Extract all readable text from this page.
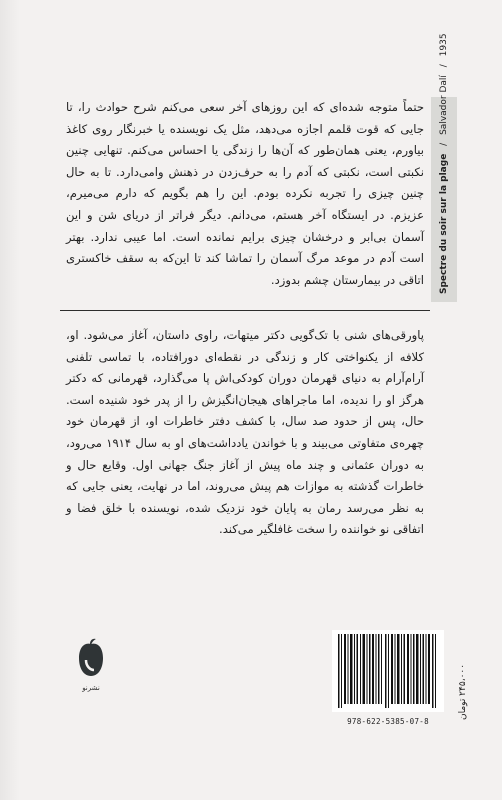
حتماً متوجه شده‌ای که این روزهای آخر سعی می‌کنم شرح حوادث را، تا جایی که قوت قلمم اجازه می‌دهد، مثل یک نویسنده یا خبرنگار روی کاغذ بیاورم، یعنی همان‌طور که آن‌ها را زندگی یا احساس می‌کنم. تنهایی چنین نکبتی است، نکبتی که آدم را به حرف‌زدن در ذهنش وامی‌دارد. تا به حال چنین چیزی را تجربه نکرده بودم. این را هم بگویم که دارم می‌میرم، عزیزم. در ایستگاه آخر هستم، می‌دانم. دیگر فراتر از دریای شن و این آسمان بی‌ابر و درخشان چیزی برایم نمانده است. اما عیبی ندارد. بهتر است آدم در موعد مرگ آسمان را تماشا کند تا این‌که به سقف خاکستری اتاقی در بیمارستان چشم بدوزد.

پاورقی‌های شنی با تک‌گویی دکتر میتهات، راوی داستان، آغاز می‌شود. او، کلافه از یکنواختی کار و زندگی در نقطه‌ای دورافتاده، با تماسی تلفنی آرام‌آرام به دنیای قهرمان دوران کودکی‌اش پا می‌گذارد، قهرمانی که دکتر هرگز او را ندیده، اما ماجراهای هیجان‌انگیزش را از پدر خود شنیده است. حال، پس از حدود صد سال، با کشف دفتر خاطرات او، از قهرمان خود چهره‌ی متفاوتی می‌بیند و با خواندن یادداشت‌های او به سال ۱۹۱۴ می‌رود، به دوران عثمانی و چند ماه پیش از آغاز جنگ جهانی اول. وقایع حال و خاطرات گذشته به موازات هم پیش می‌روند، اما در نهایت، یعنی جایی که به نظر می‌رسد رمان به پایان خود نزدیک شده، نویسنده با خلق فضا و اتفاقی نو خواننده را سخت غافلگیر می‌کند.

Spectre du soir sur la plage / Salvador Dalí / 1935
نشرنو
978-622-5385-07-8
۲۴۵،۰۰۰ تومان
